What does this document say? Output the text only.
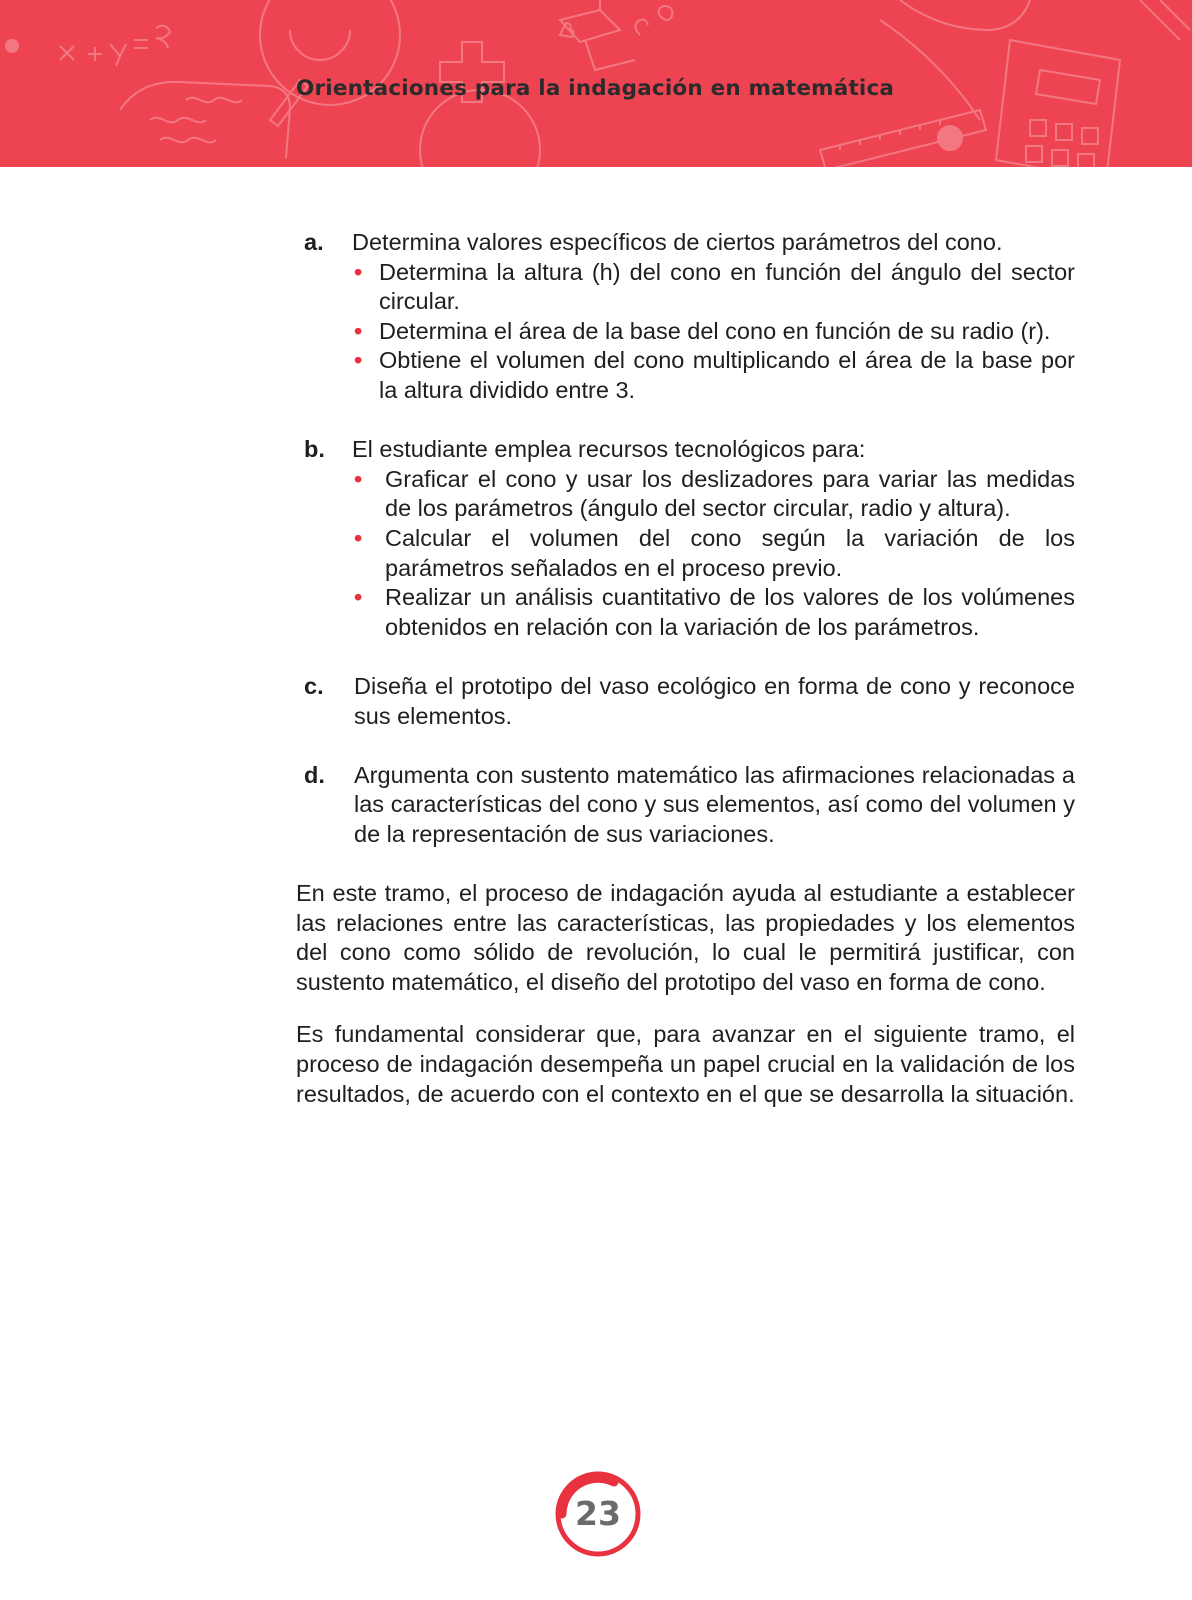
Orientaciones para la indagación en matemática
a. Determina valores específicos de ciertos parámetros del cono.
• Determina la altura (h) del cono en función del ángulo del sector circular.
• Determina el área de la base del cono en función de su radio (r).
• Obtiene el volumen del cono multiplicando el área de la base por la altura dividido entre 3.
b. El estudiante emplea recursos tecnológicos para:
• Graficar el cono y usar los deslizadores para variar las medidas de los parámetros (ángulo del sector circular, radio y altura).
• Calcular el volumen del cono según la variación de los parámetros señalados en el proceso previo.
• Realizar un análisis cuantitativo de los valores de los volúmenes obtenidos en relación con la variación de los parámetros.
c. Diseña el prototipo del vaso ecológico en forma de cono y reconoce sus elementos.
d. Argumenta con sustento matemático las afirmaciones relacionadas a las características del cono y sus elementos, así como del volumen y de la representación de sus variaciones.

En este tramo, el proceso de indagación ayuda al estudiante a establecer las relaciones entre las características, las propiedades y los elementos del cono como sólido de revolución, lo cual le permitirá justificar, con sustento matemático, el diseño del prototipo del vaso en forma de cono.

Es fundamental considerar que, para avanzar en el siguiente tramo, el proceso de indagación desempeña un papel crucial en la validación de los resultados, de acuerdo con el contexto en el que se desarrolla la situación.

23
